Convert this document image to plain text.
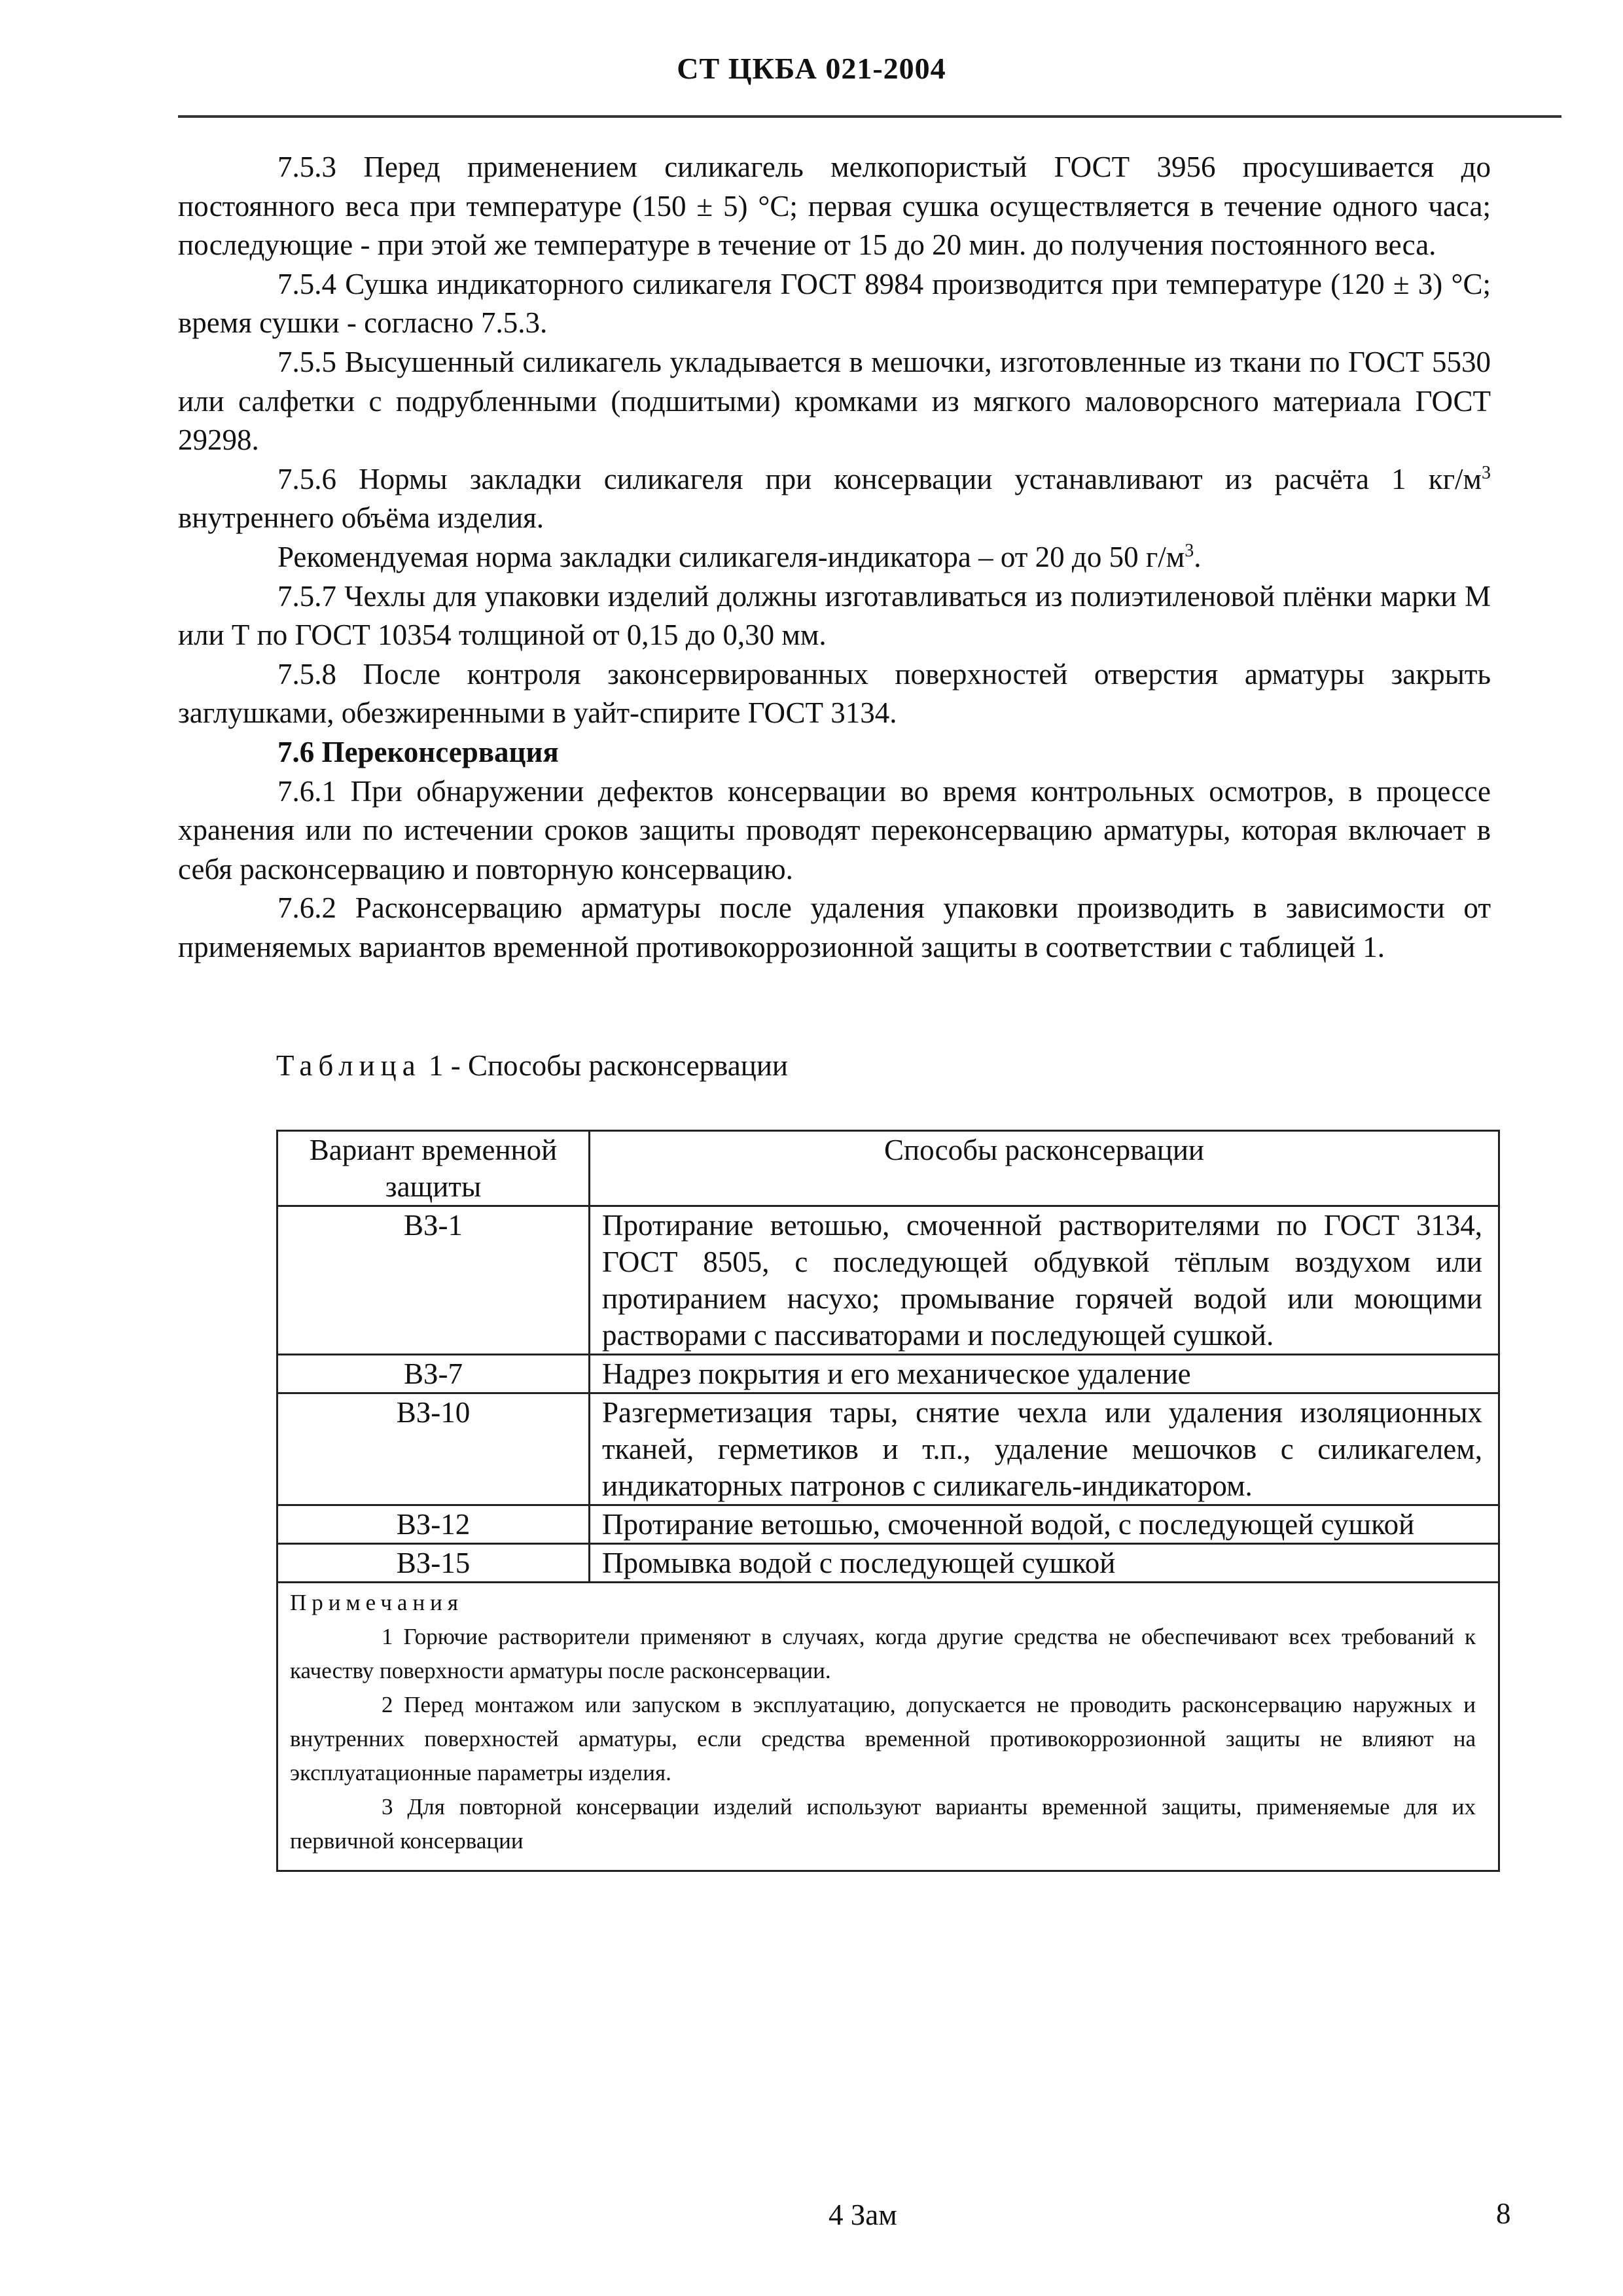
СТ ЦКБА 021-2004

7.5.3 Перед применением силикагель мелкопористый ГОСТ 3956 просушивается до постоянного веса при температуре (150 ± 5) °С; первая сушка осуществляется в течение одного часа; последующие - при этой же температуре в течение от 15 до 20 мин. до получения постоянного веса.

7.5.4 Сушка индикаторного силикагеля ГОСТ 8984 производится при температуре (120 ± 3) °С; время сушки - согласно 7.5.3.

7.5.5 Высушенный силикагель укладывается в мешочки, изготовленные из ткани по ГОСТ 5530 или салфетки с подрубленными (подшитыми) кромками из мягкого маловорсного материала ГОСТ 29298.

7.5.6 Нормы закладки силикагеля при консервации устанавливают из расчёта 1 $кг/м^3$ внутреннего объёма изделия.

Рекомендуемая норма закладки силикагеля-индикатора – от 20 до 50 $г/м^3$.

7.5.7 Чехлы для упаковки изделий должны изготавливаться из полиэтиленовой плёнки марки М или Т по ГОСТ 10354 толщиной от 0,15 до 0,30 мм.

7.5.8 После контроля законсервированных поверхностей отверстия арматуры закрыть заглушками, обезжиренными в уайт-спирите ГОСТ 3134.

7.6 Переконсервация

7.6.1 При обнаружении дефектов консервации во время контрольных осмотров, в процессе хранения или по истечении сроков защиты проводят переконсервацию арматуры, которая включает в себя расконсервацию и повторную консервацию.

7.6.2 Расконсервацию арматуры после удаления упаковки производить в зависимости от применяемых вариантов временной противокоррозионной защиты в соответствии с таблицей 1.

Таблица 1 - Способы расконсервации
Вариант временной защиты	Способы расконсервации
ВЗ-1	Протирание ветошью, смоченной растворителями по ГОСТ 3134, ГОСТ 8505, с последующей обдувкой тёплым воздухом или протиранием насухо; промывание горячей водой или моющими растворами с пассиваторами и последующей сушкой.
ВЗ-7	Надрез покрытия и его механическое удаление
ВЗ-10	Разгерметизация тары, снятие чехла или удаления изоляционных тканей, герметиков и т.п., удаление мешочков с силикагелем, индикаторных патронов с силикагель-индикатором.
ВЗ-12	Протирание ветошью, смоченной водой, с последующей сушкой
ВЗ-15	Промывка водой с последующей сушкой

Примечания

1 Горючие растворители применяют в случаях, когда другие средства не обеспечивают всех требований к качеству поверхности арматуры после расконсервации.

2 Перед монтажом или запуском в эксплуатацию, допускается не проводить расконсервацию наружных и внутренних поверхностей арматуры, если средства временной противокоррозионной защиты не влияют на эксплуатационные параметры изделия.

3 Для повторной консервации изделий используют варианты временной защиты, применяемые для их первичной консервации	

4 Зам	8
